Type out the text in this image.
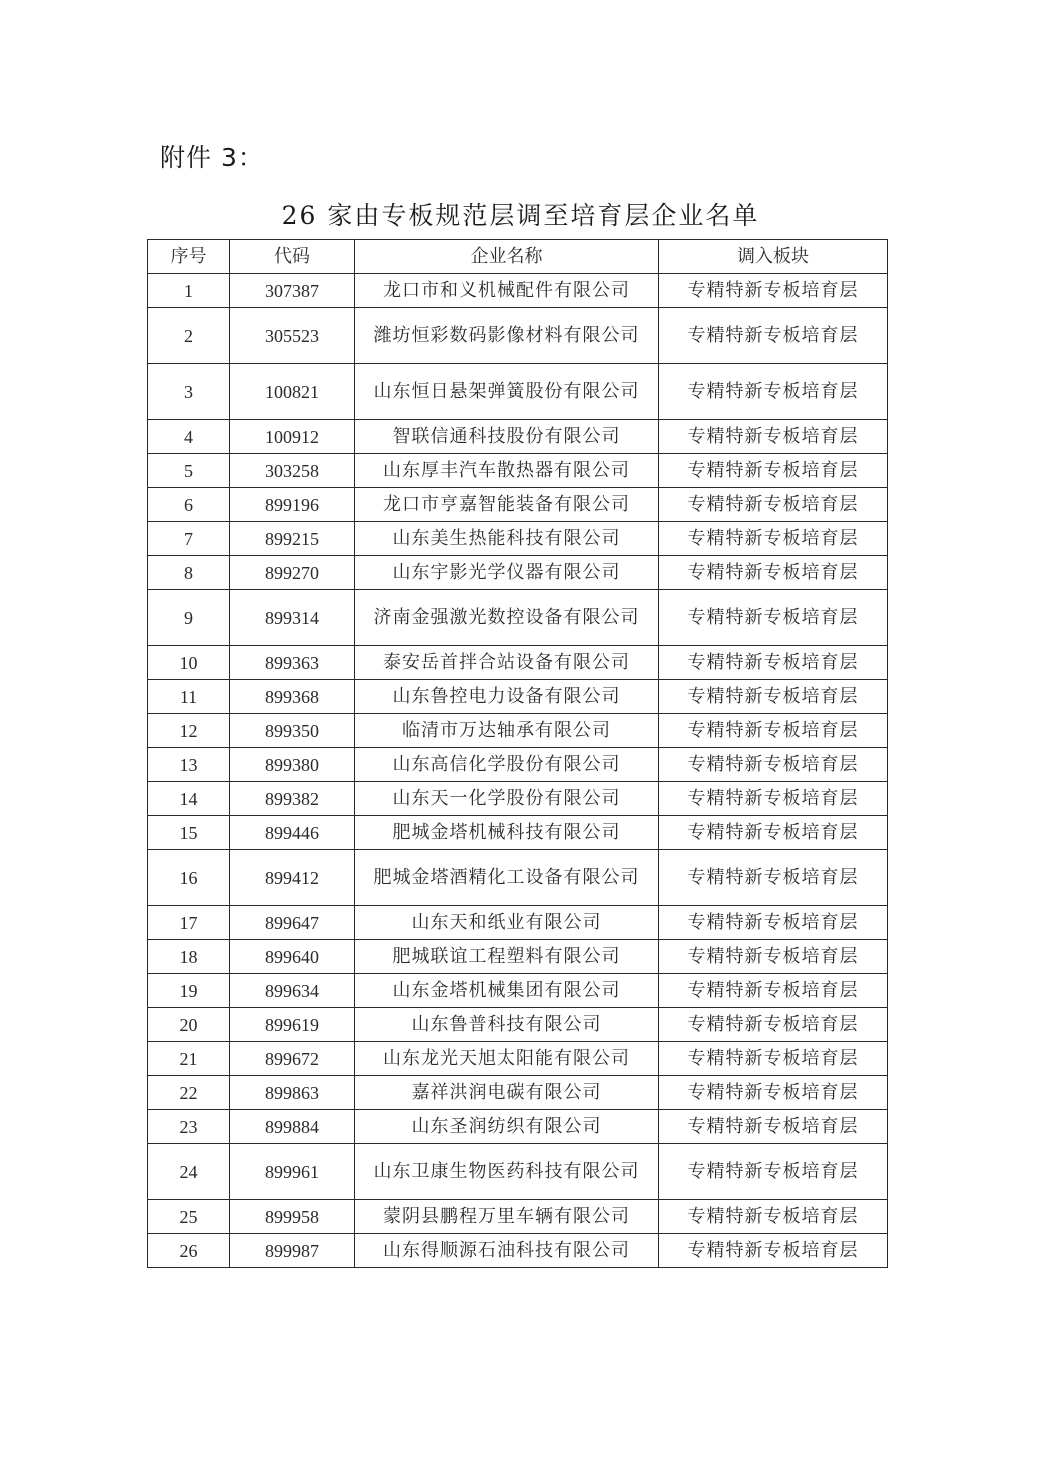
附件 3：
26 家由专板规范层调至培育层企业名单
序号	代码	企业名称	调入板块
1	307387	龙口市和义机械配件有限公司	专精特新专板培育层
2	305523	潍坊恒彩数码影像材料有限公司	专精特新专板培育层
3	100821	山东恒日悬架弹簧股份有限公司	专精特新专板培育层
4	100912	智联信通科技股份有限公司	专精特新专板培育层
5	303258	山东厚丰汽车散热器有限公司	专精特新专板培育层
6	899196	龙口市亨嘉智能装备有限公司	专精特新专板培育层
7	899215	山东美生热能科技有限公司	专精特新专板培育层
8	899270	山东宇影光学仪器有限公司	专精特新专板培育层
9	899314	济南金强激光数控设备有限公司	专精特新专板培育层
10	899363	泰安岳首拌合站设备有限公司	专精特新专板培育层
11	899368	山东鲁控电力设备有限公司	专精特新专板培育层
12	899350	临清市万达轴承有限公司	专精特新专板培育层
13	899380	山东高信化学股份有限公司	专精特新专板培育层
14	899382	山东天一化学股份有限公司	专精特新专板培育层
15	899446	肥城金塔机械科技有限公司	专精特新专板培育层
16	899412	肥城金塔酒精化工设备有限公司	专精特新专板培育层
17	899647	山东天和纸业有限公司	专精特新专板培育层
18	899640	肥城联谊工程塑料有限公司	专精特新专板培育层
19	899634	山东金塔机械集团有限公司	专精特新专板培育层
20	899619	山东鲁普科技有限公司	专精特新专板培育层
21	899672	山东龙光天旭太阳能有限公司	专精特新专板培育层
22	899863	嘉祥洪润电碳有限公司	专精特新专板培育层
23	899884	山东圣润纺织有限公司	专精特新专板培育层
24	899961	山东卫康生物医药科技有限公司	专精特新专板培育层
25	899958	蒙阴县鹏程万里车辆有限公司	专精特新专板培育层
26	899987	山东得顺源石油科技有限公司	专精特新专板培育层
